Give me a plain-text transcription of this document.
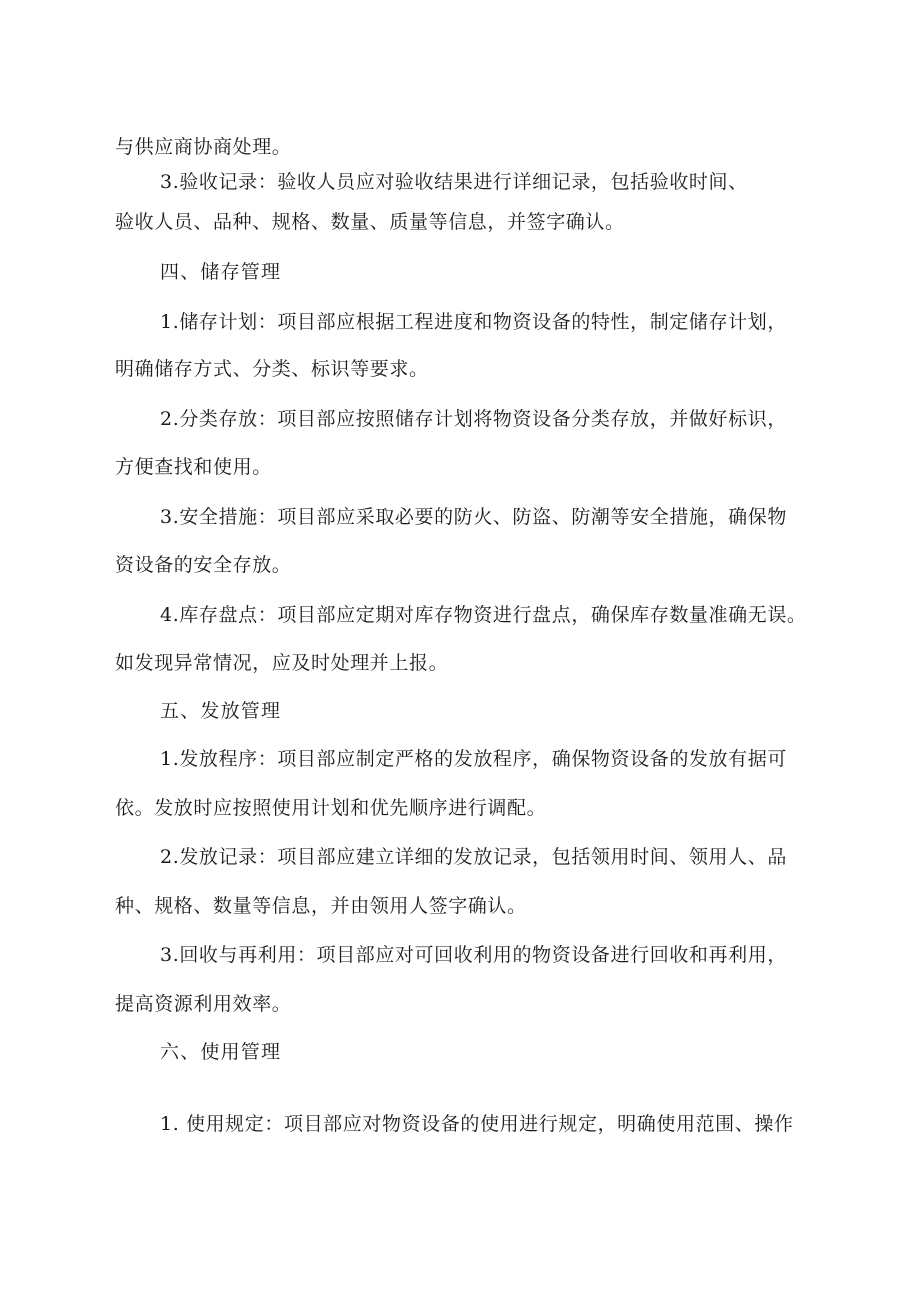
与供应商协商处理。
3.验收记录：验收人员应对验收结果进行详细记录，包括验收时间、
验收人员、品种、规格、数量、质量等信息，并签字确认。
四、储存管理
1.储存计划：项目部应根据工程进度和物资设备的特性，制定储存计划，
明确储存方式、分类、标识等要求。
2.分类存放：项目部应按照储存计划将物资设备分类存放，并做好标识，
方便查找和使用。
3.安全措施：项目部应采取必要的防火、防盗、防潮等安全措施，确保物
资设备的安全存放。
4.库存盘点：项目部应定期对库存物资进行盘点，确保库存数量准确无误。
如发现异常情况，应及时处理并上报。
五、发放管理
1.发放程序：项目部应制定严格的发放程序，确保物资设备的发放有据可
依。发放时应按照使用计划和优先顺序进行调配。
2.发放记录：项目部应建立详细的发放记录，包括领用时间、领用人、品
种、规格、数量等信息，并由领用人签字确认。
3.回收与再利用：项目部应对可回收利用的物资设备进行回收和再利用，
提高资源利用效率。
六、使用管理
1. 使用规定：项目部应对物资设备的使用进行规定，明确使用范围、操作
